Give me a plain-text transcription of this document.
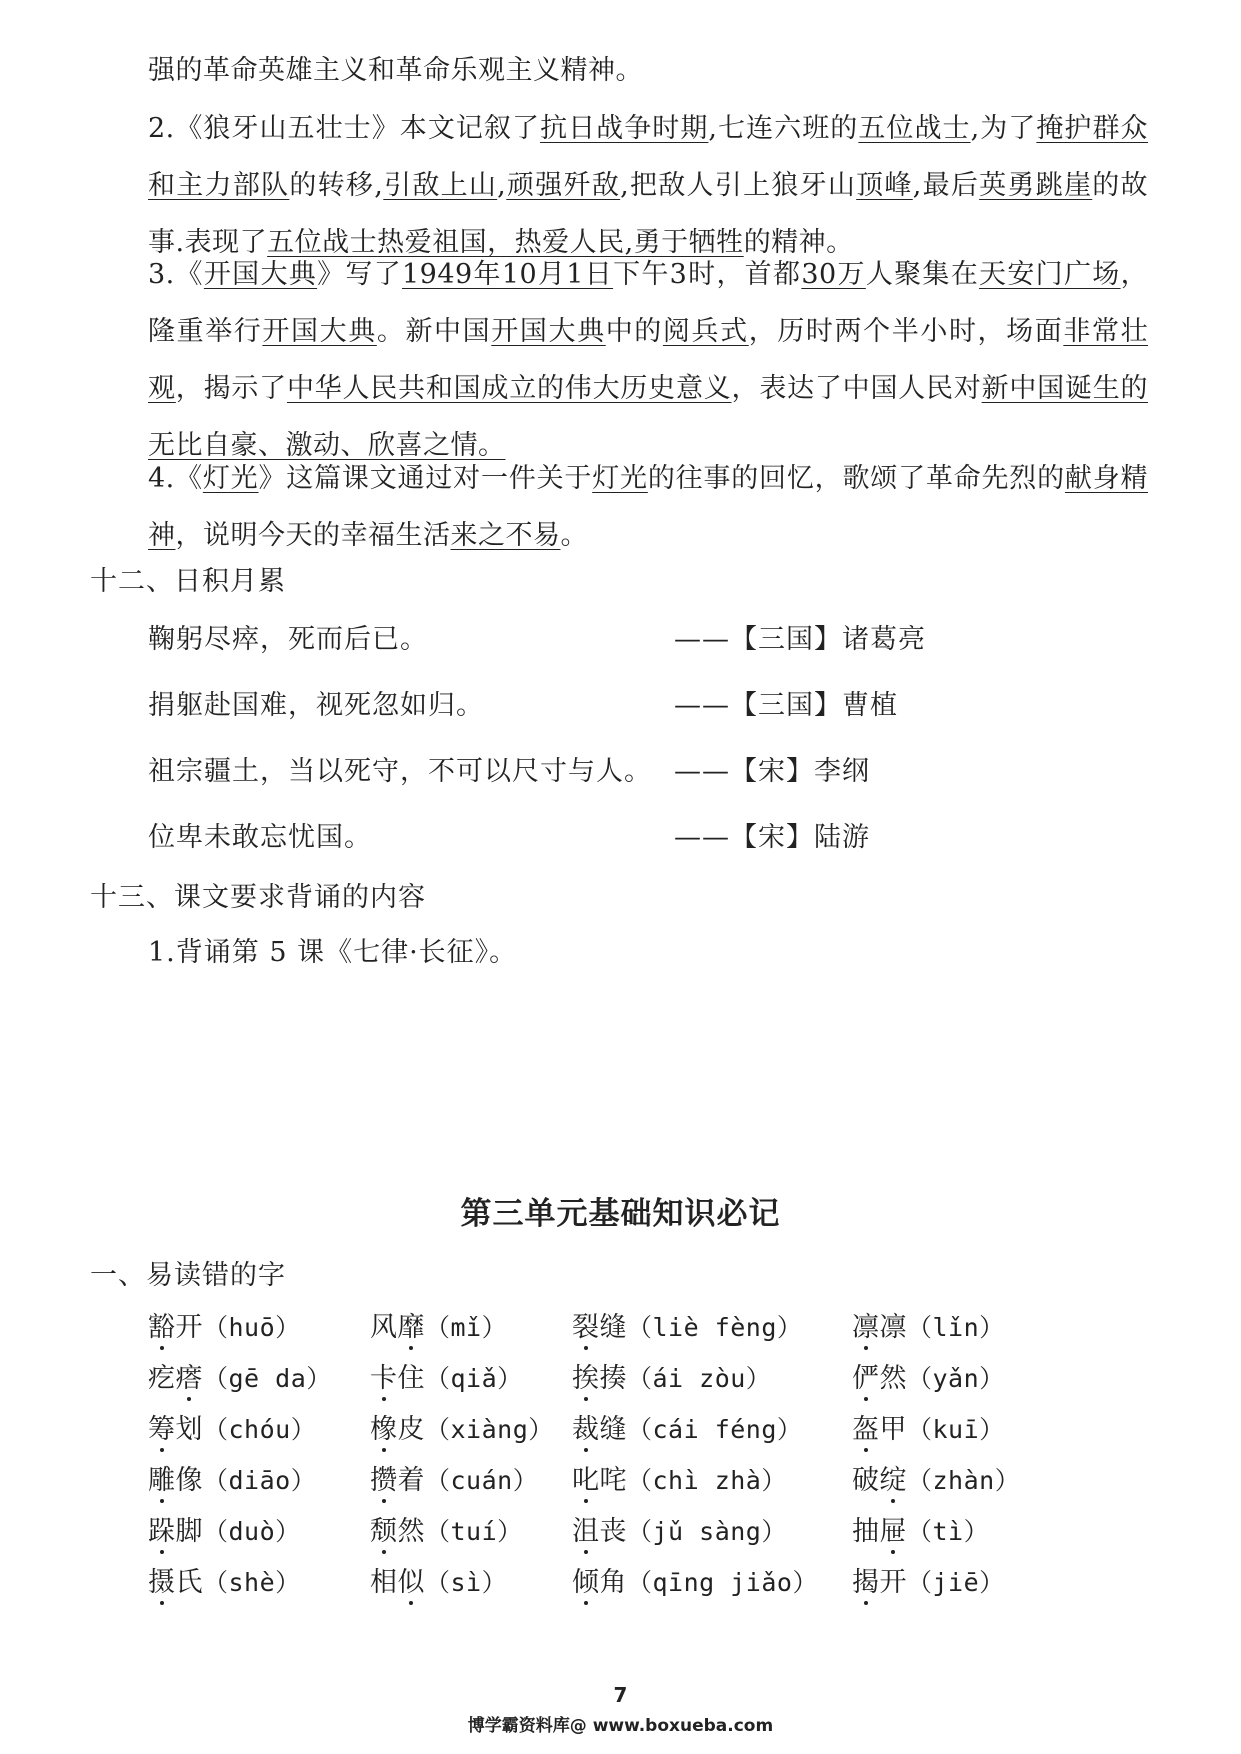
强的革命英雄主义和革命乐观主义精神。
2.《狼牙山五壮士》本文记叙了抗日战争时期,七连六班的五位战士,为了掩护群众和主力部队的转移,引敌上山,顽强歼敌,把敌人引上狼牙山顶峰,最后英勇跳崖的故事.表现了五位战士热爱祖国，热爱人民,勇于牺牲的精神。
3.《开国大典》写了1949年10月1日下午3时，首都30万人聚集在天安门广场，隆重举行开国大典。新中国开国大典中的阅兵式，历时两个半小时，场面非常壮观，揭示了中华人民共和国成立的伟大历史意义，表达了中国人民对新中国诞生的无比自豪、激动、欣喜之情。
4.《灯光》这篇课文通过对一件关于灯光的往事的回忆，歌颂了革命先烈的献身精神，说明今天的幸福生活来之不易。
十二、日积月累
鞠躬尽瘁，死而后已。	——【三国】诸葛亮
捐躯赴国难，视死忽如归。	——【三国】曹植
祖宗疆土，当以死守，不可以尺寸与人。 ——【宋】李纲
位卑未敢忘忧国。	——【宋】陆游
十三、课文要求背诵的内容
1.背诵第 5 课《七律·长征》。
第三单元基础知识必记
一、易读错的字
豁开（huō）	风靡（mǐ） 裂缝（liè fèng） 凛凛（lǐn）
疙瘩（gē da） 卡住（qiǎ） 挨揍（ái zòu）	俨然（yǎn）
筹划（chóu） 橡皮（xiàng） 裁缝（cái féng） 盔甲（kuī）
雕像（diāo） 攒着（cuán） 叱咤（chì zhà） 破绽（zhàn）
跺脚（duò）	颓然（tuí） 沮丧（jǔ sàng） 抽屉（tì）
摄氏（shè）	相似（sì） 倾角（qīng jiǎo） 揭开（jiē）
7
博学霸资料库@ www.boxueba.com
